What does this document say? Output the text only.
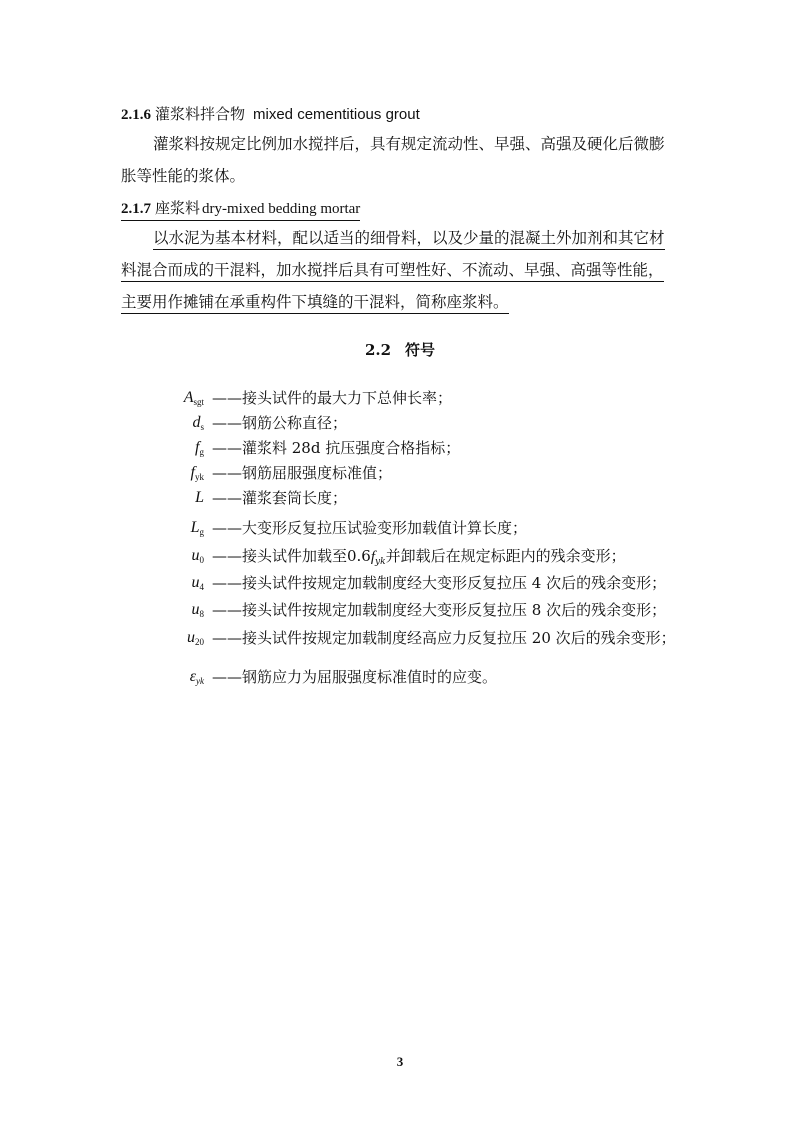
2.1.6 灌浆料拌合物 mixed cementitious grout
灌浆料按规定比例加水搅拌后，具有规定流动性、早强、高强及硬化后微膨
胀等性能的浆体。
2.1.7 座浆料 dry-mixed bedding mortar
以水泥为基本材料，配以适当的细骨料，以及少量的混凝土外加剂和其它材
料混合而成的干混料，加水搅拌后具有可塑性好、不流动、早强、高强等性能，
主要用作摊铺在承重构件下填缝的干混料，简称座浆料。
2.2 符号
$A_{sgt}$ ——接头试件的最大力下总伸长率；
$d_s$ ——钢筋公称直径；
$f_g$ ——灌浆料 28d 抗压强度合格指标；
$f_{yk}$ ——钢筋屈服强度标准值；
L ——灌浆套筒长度；
$L_g$ ——大变形反复拉压试验变形加载值计算长度；
$u_0$ ——接头试件加载至$0.6f_{yk}$并卸载后在规定标距内的残余变形；
$u_4$ ——接头试件按规定加载制度经大变形反复拉压 4 次后的残余变形；
$u_8$ ——接头试件按规定加载制度经大变形反复拉压 8 次后的残余变形；
$u_{20}$ ——接头试件按规定加载制度经高应力反复拉压 20 次后的残余变形；
$\varepsilon_{yk}$ ——钢筋应力为屈服强度标准值时的应变。
3
